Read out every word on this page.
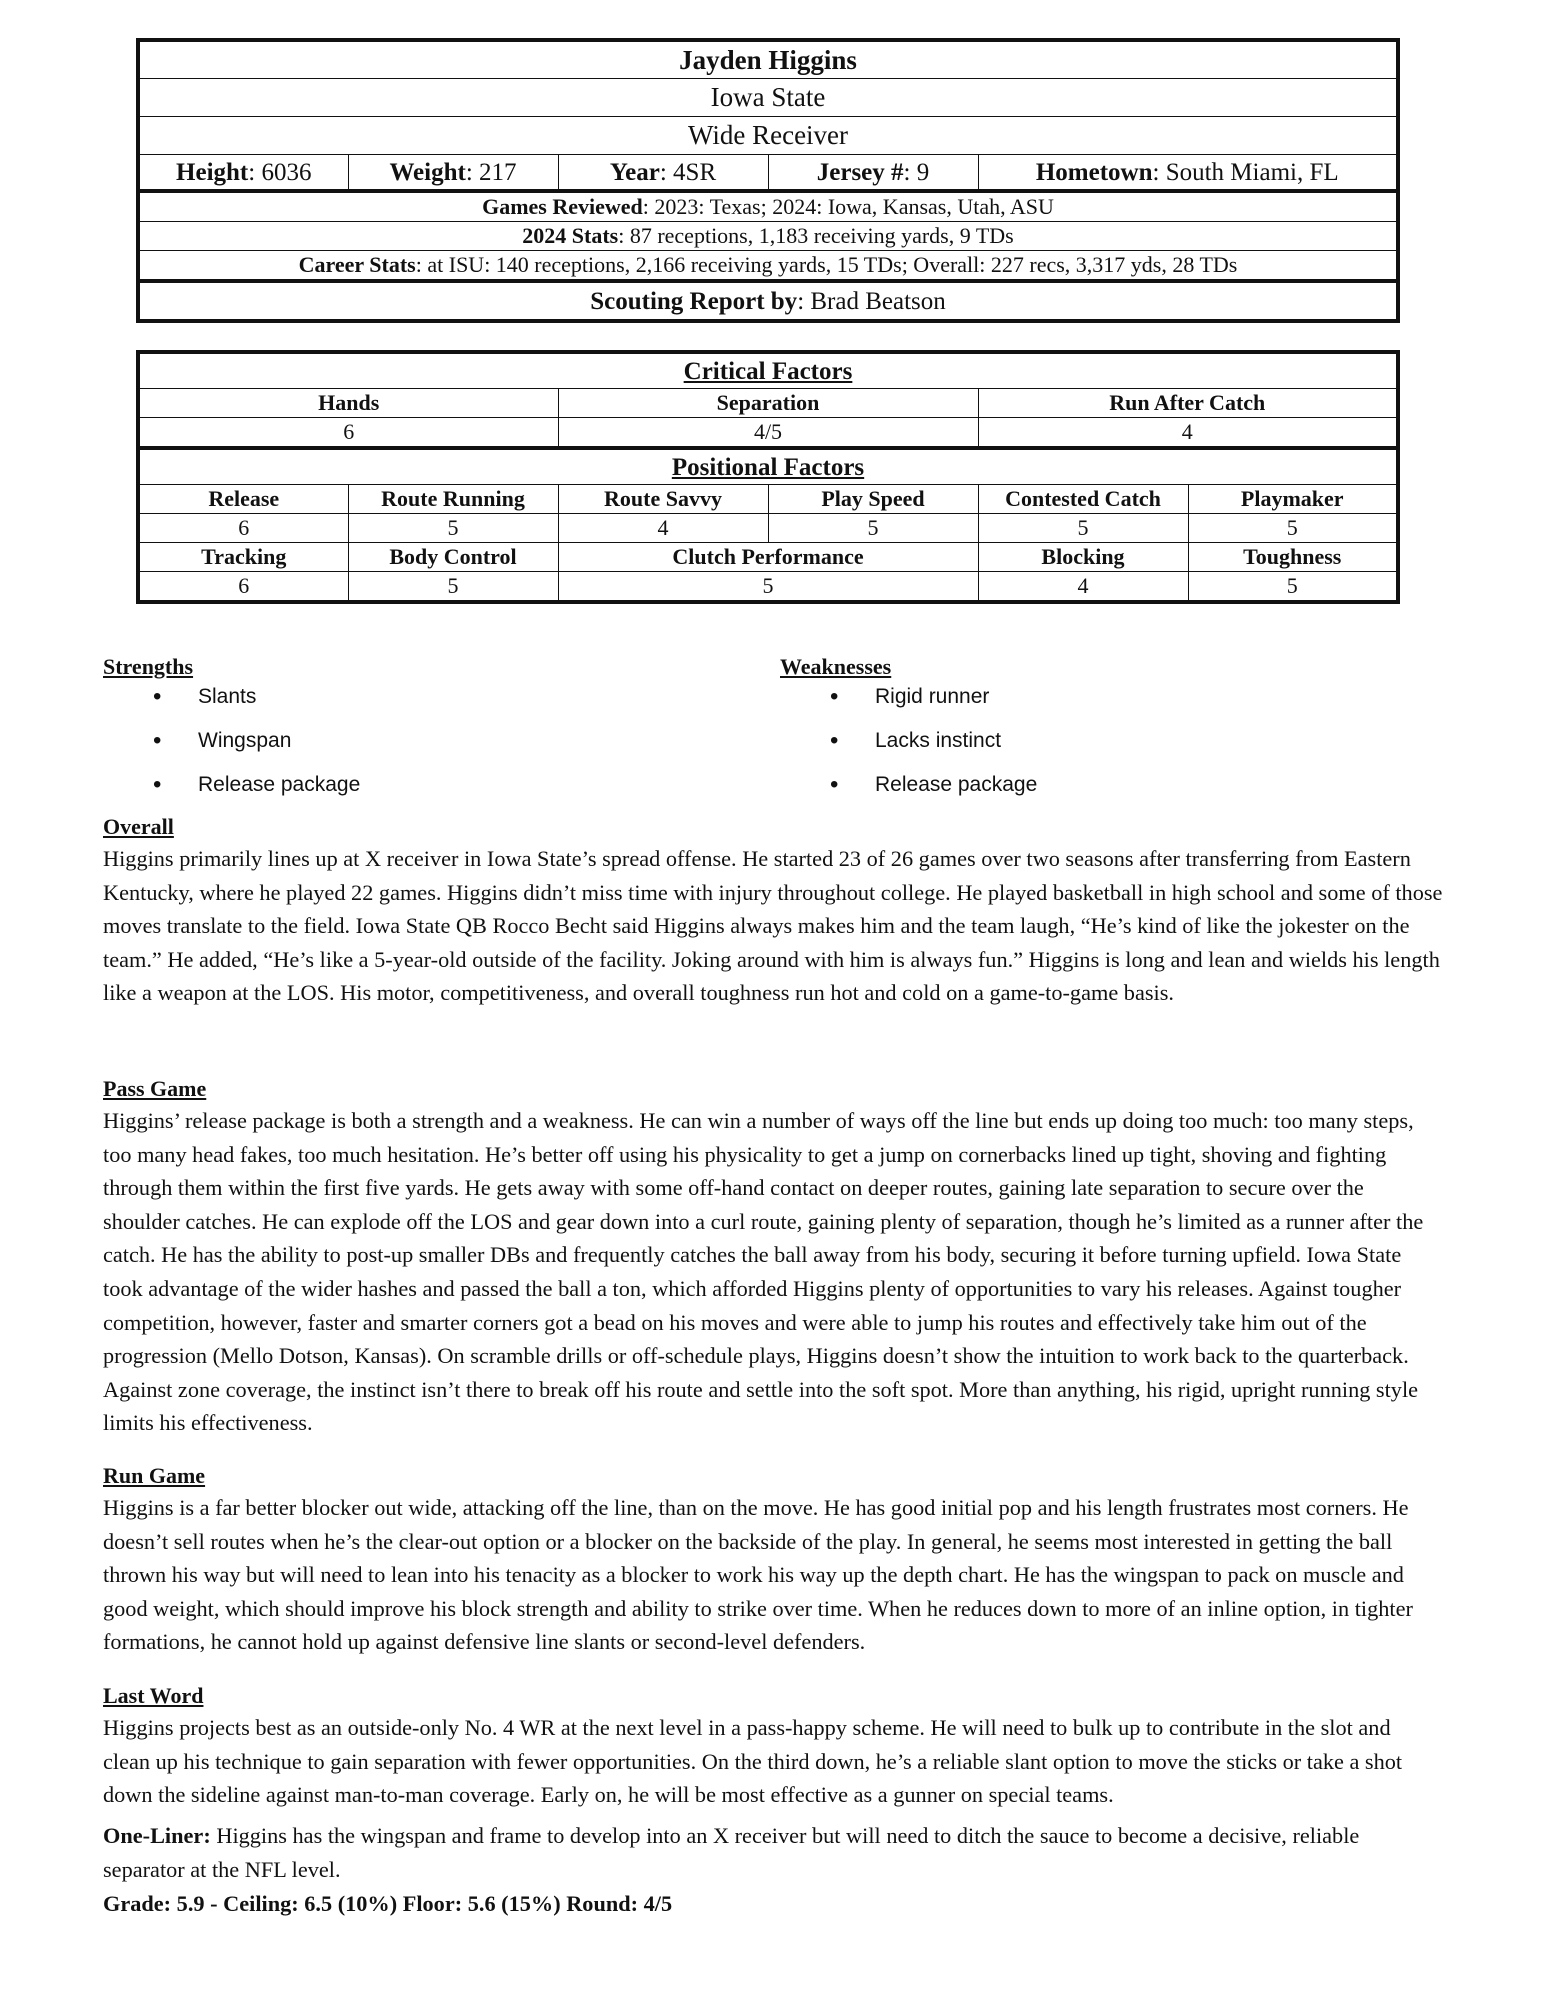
Jayden Higgins
Iowa State
Wide Receiver
Height: 6036	Weight: 217	Year: 4SR	Jersey #: 9	Hometown: South Miami, FL
Games Reviewed: 2023: Texas; 2024: Iowa, Kansas, Utah, ASU
2024 Stats: 87 receptions, 1,183 receiving yards, 9 TDs
Career Stats: at ISU: 140 receptions, 2,166 receiving yards, 15 TDs; Overall: 227 recs, 3,317 yds, 28 TDs
Scouting Report by: Brad Beatson
Critical Factors					
Hands		Separation		Run After Catch	
6		4/5		4	
Positional Factors					
Release	Route Running	Route Savvy	Play Speed	Contested Catch	Playmaker
6	5	4	5	5	5
Tracking	Body Control	Clutch Performance		Blocking	Toughness
6	5	5		4	5
Strengths
• Slants
• Wingspan
• Release package
Weaknesses
• Rigid runner
• Lacks instinct
• Release package
Overall

Higgins primarily lines up at X receiver in Iowa State’s spread offense. He started 23 of 26 games over two seasons after transferring from Eastern Kentucky, where he played 22 games. Higgins didn’t miss time with injury throughout college. He played basketball in high school and some of those moves translate to the field. Iowa State QB Rocco Becht said Higgins always makes him and the team laugh, “He’s kind of like the jokester on the team.” He added, “He’s like a 5-year-old outside of the facility. Joking around with him is always fun.” Higgins is long and lean and wields his length like a weapon at the LOS. His motor, competitiveness, and overall toughness run hot and cold on a game-to-game basis.

Pass Game

Higgins’ release package is both a strength and a weakness. He can win a number of ways off the line but ends up doing too much: too many steps, too many head fakes, too much hesitation. He’s better off using his physicality to get a jump on cornerbacks lined up tight, shoving and fighting through them within the first five yards. He gets away with some off-hand contact on deeper routes, gaining late separation to secure over the shoulder catches. He can explode off the LOS and gear down into a curl route, gaining plenty of separation, though he’s limited as a runner after the catch. He has the ability to post-up smaller DBs and frequently catches the ball away from his body, securing it before turning upfield. Iowa State took advantage of the wider hashes and passed the ball a ton, which afforded Higgins plenty of opportunities to vary his releases. Against tougher competition, however, faster and smarter corners got a bead on his moves and were able to jump his routes and effectively take him out of the progression (Mello Dotson, Kansas). On scramble drills or off-schedule plays, Higgins doesn’t show the intuition to work back to the quarterback. Against zone coverage, the instinct isn’t there to break off his route and settle into the soft spot. More than anything, his rigid, upright running style limits his effectiveness.

Run Game

Higgins is a far better blocker out wide, attacking off the line, than on the move. He has good initial pop and his length frustrates most corners. He doesn’t sell routes when he’s the clear-out option or a blocker on the backside of the play. In general, he seems most interested in getting the ball thrown his way but will need to lean into his tenacity as a blocker to work his way up the depth chart. He has the wingspan to pack on muscle and good weight, which should improve his block strength and ability to strike over time. When he reduces down to more of an inline option, in tighter formations, he cannot hold up against defensive line slants or second-level defenders.

Last Word

Higgins projects best as an outside-only No. 4 WR at the next level in a pass-happy scheme. He will need to bulk up to contribute in the slot and clean up his technique to gain separation with fewer opportunities. On the third down, he’s a reliable slant option to move the sticks or take a shot down the sideline against man-to-man coverage. Early on, he will be most effective as a gunner on special teams.

One-Liner: Higgins has the wingspan and frame to develop into an X receiver but will need to ditch the sauce to become a decisive, reliable separator at the NFL level.
Grade: 5.9 - Ceiling: 6.5 (10%) Floor: 5.6 (15%) Round: 4/5
